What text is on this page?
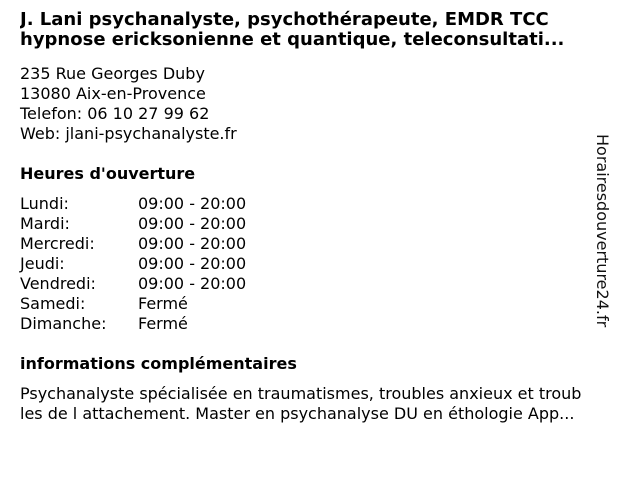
J. Lani psychanalyste, psychothérapeute, EMDR TCC
hypnose ericksonienne et quantique, teleconsultati...
235 Rue Georges Duby
13080 Aix-en-Provence
Telefon: 06 10 27 99 62
Web: jlani-psychanalyste.fr
Heures d'ouverture
Lundi:	09:00 - 20:00
Mardi:	09:00 - 20:00
Mercredi:	09:00 - 20:00
Jeudi:	09:00 - 20:00
Vendredi:	09:00 - 20:00
Samedi:	Fermé
Dimanche:	Fermé
informations complémentaires
Psychanalyste spécialisée en traumatismes, troubles anxieux et troub
les de l attachement. Master en psychanalyse DU en éthologie App...
Horairesdouverture24.fr
